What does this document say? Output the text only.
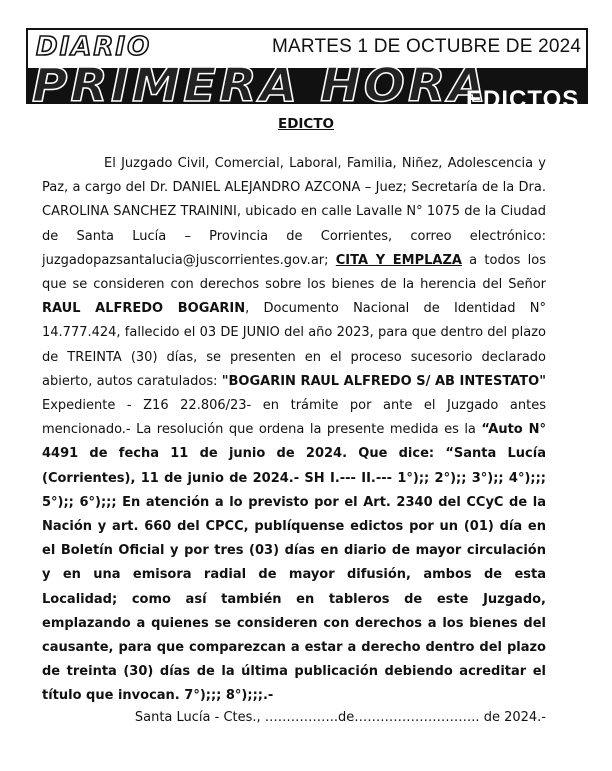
DIARIO	MARTES 1 DE OCTUBRE DE 2024
PRIMERA HORA
EDICTOS
EDICTO
El Juzgado Civil, Comercial, Laboral, Familia, Niñez, Adolescencia y Paz, a cargo del Dr. DANIEL ALEJANDRO AZCONA – Juez; Secretaría de la Dra. CAROLINA SANCHEZ TRAININI, ubicado en calle Lavalle N° 1075 de la Ciudad de Santa Lucía – Provincia de Corrientes, correo electrónico: juzgadopazsantalucia@juscorrientes.gov.ar; CITA Y EMPLAZA a todos los que se consideren con derechos sobre los bienes de la herencia del Señor RAUL ALFREDO BOGARIN, Documento Nacional de Identidad N° 14.777.424, fallecido el 03 DE JUNIO del año 2023, para que dentro del plazo de TREINTA (30) días, se presenten en el proceso sucesorio declarado abierto, autos caratulados: "BOGARIN RAUL ALFREDO S/ AB INTESTATO" Expediente - Z16 22.806/23- en trámite por ante el Juzgado antes mencionado.- La resolución que ordena la presente medida es la “Auto N° 4491 de fecha 11 de junio de 2024. Que dice: “Santa Lucía (Corrientes), 11 de junio de 2024.- SH I.--- II.--- 1°);; 2°);; 3°);; 4°);;; 5°);; 6°);;; En atención a lo previsto por el Art. 2340 del CCyC de la Nación y art. 660 del CPCC, publíquense edictos por un (01) día en el Boletín Oficial y por tres (03) días en diario de mayor circulación y en una emisora radial de mayor difusión, ambos de esta Localidad; como así también en tableros de este Juzgado, emplazando a quienes se consideren con derechos a los bienes del causante, para que comparezcan a estar a derecho dentro del plazo de treinta (30) días de la última publicación debiendo acreditar el título que invocan. 7°);;; 8°);;;.-
Santa Lucía - Ctes., ……………..de……………………….. de 2024.-
